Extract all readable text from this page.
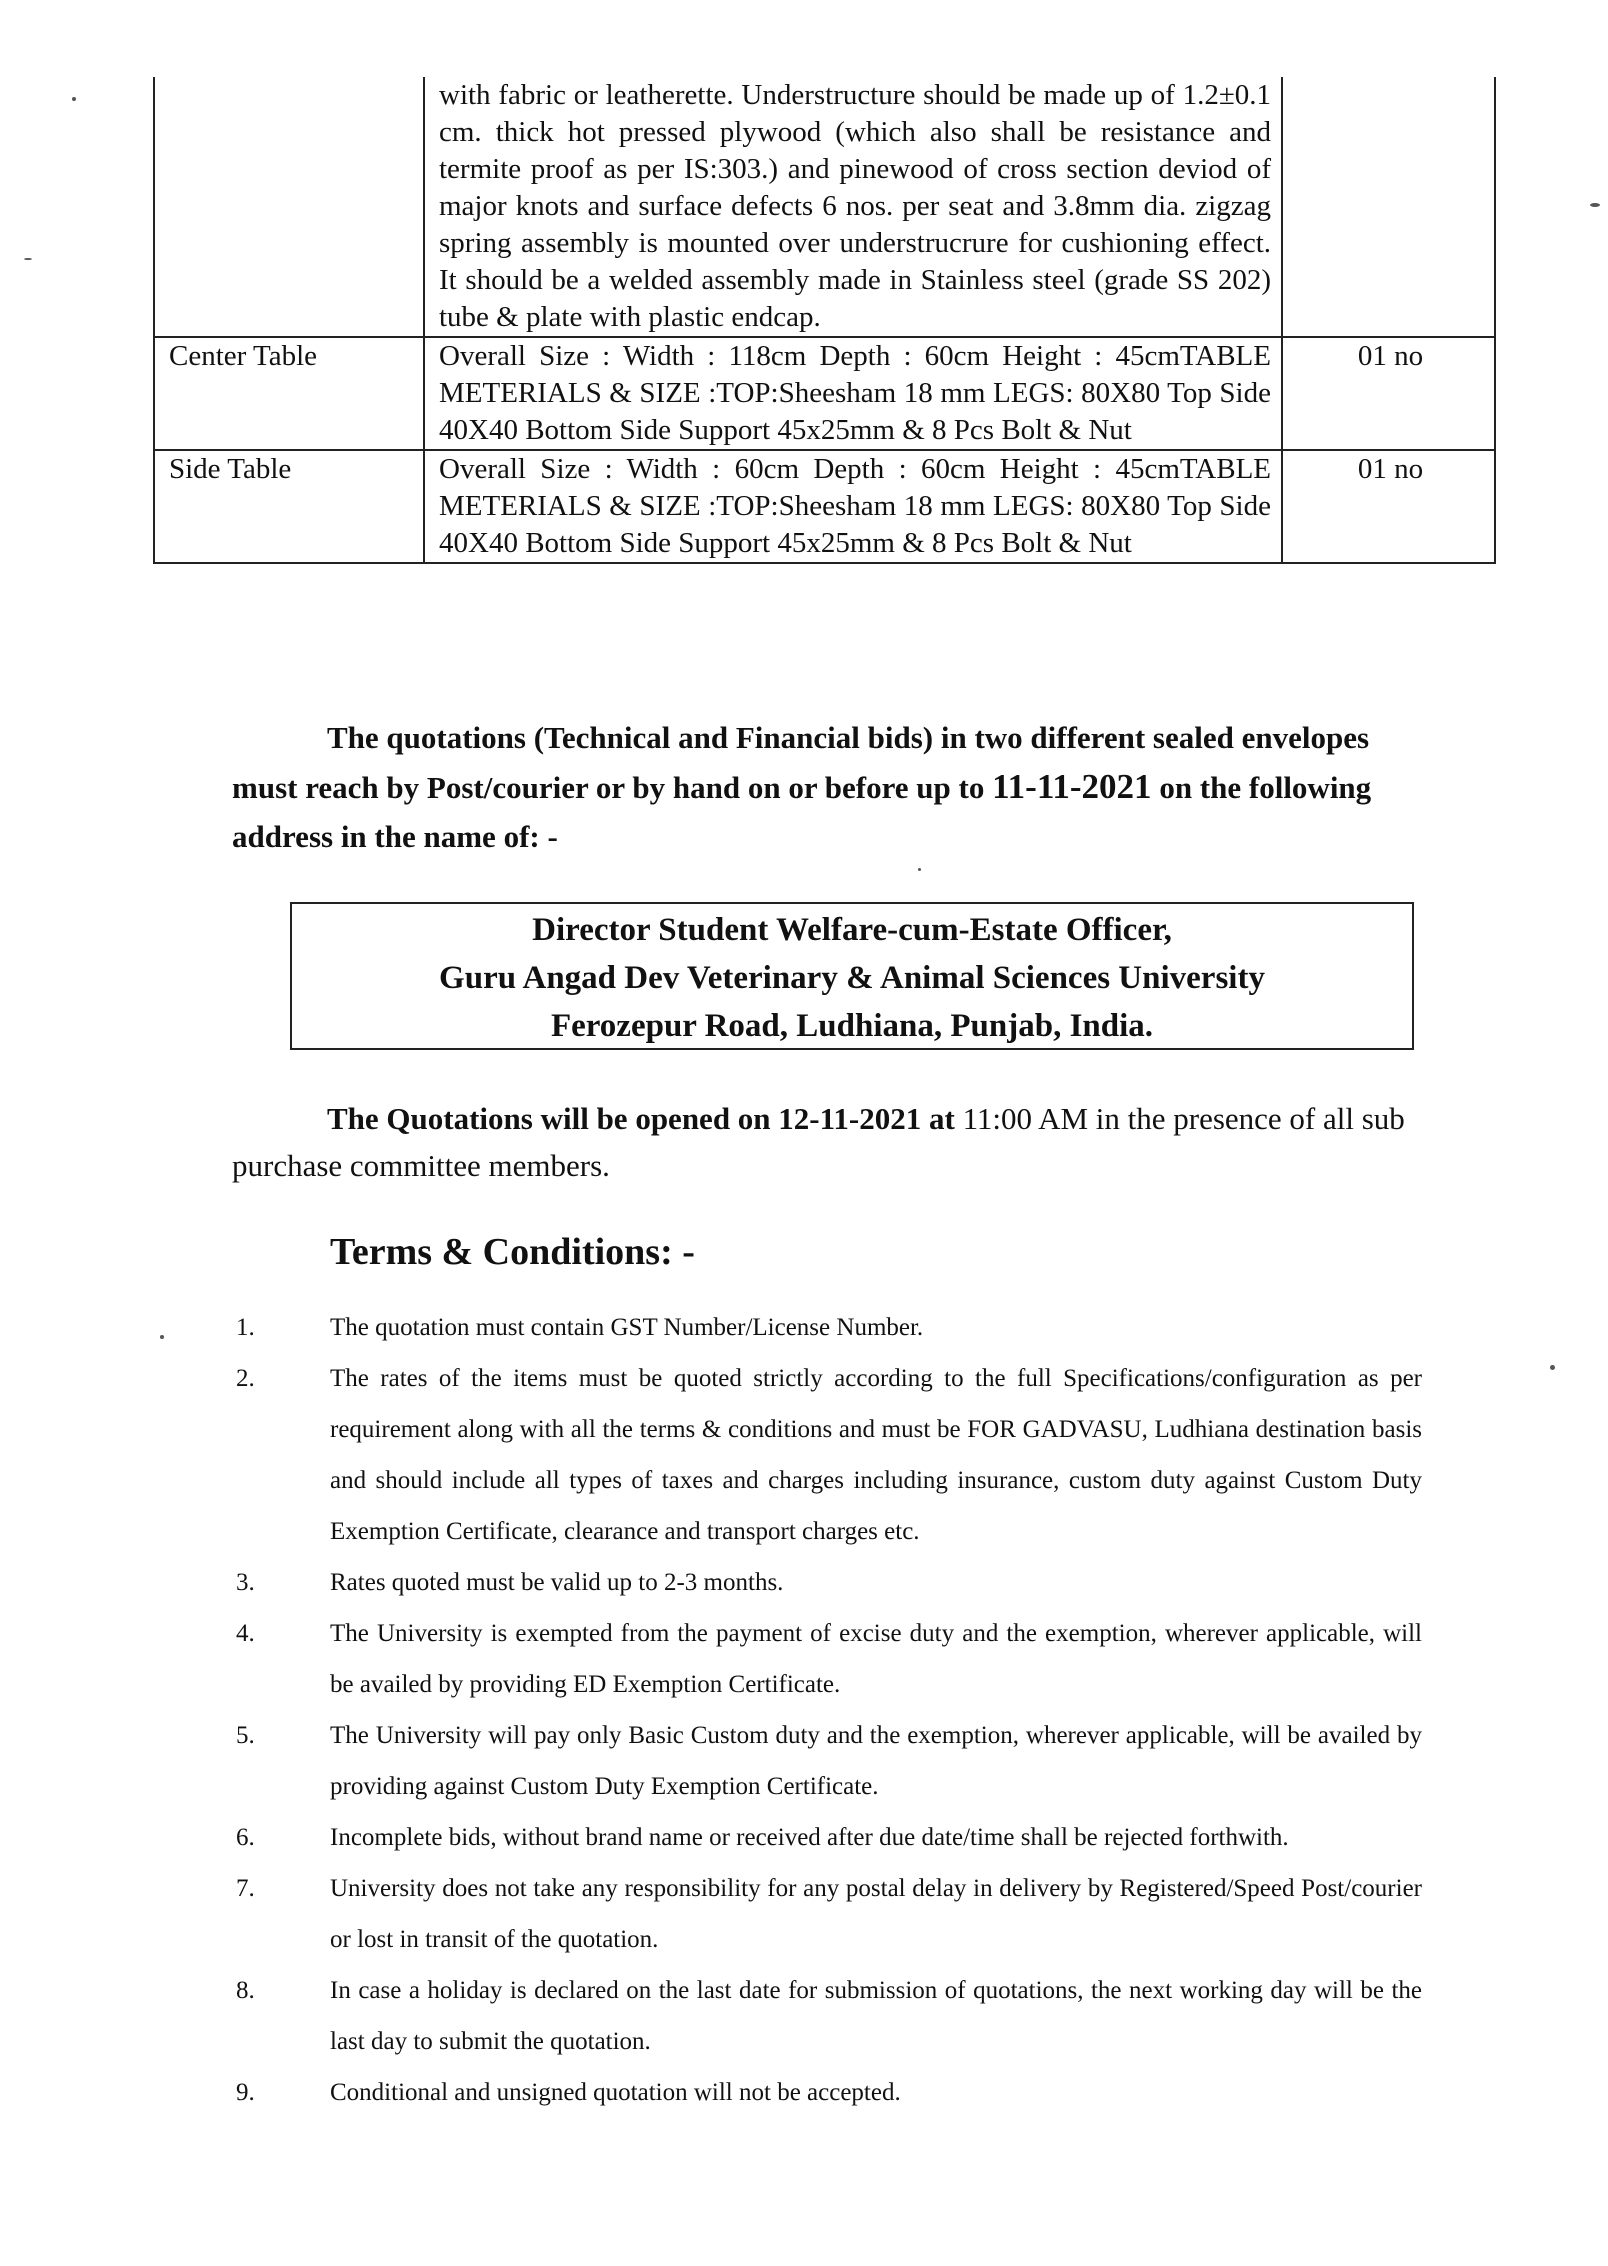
	with fabric or leatherette. Understructure should be made up of 1.2±0.1 cm. thick hot pressed plywood (which also shall be resistance and termite proof as per IS:303.) and pinewood of cross section deviod of major knots and surface defects 6 nos. per seat and 3.8mm dia. zigzag spring assembly is mounted over understrucrure for cushioning effect. It should be a welded assembly made in Stainless steel (grade SS 202) tube & plate with plastic endcap.	
Center Table	Overall Size : Width : 118cm Depth : 60cm Height : 45cmTABLE METERIALS & SIZE :TOP:Sheesham 18 mm LEGS: 80X80 Top Side 40X40 Bottom Side Support 45x25mm & 8 Pcs Bolt & Nut	01 no
Side Table	Overall Size : Width : 60cm Depth : 60cm Height : 45cmTABLE METERIALS & SIZE :TOP:Sheesham 18 mm LEGS: 80X80 Top Side 40X40 Bottom Side Support 45x25mm & 8 Pcs Bolt & Nut	01 no
The quotations (Technical and Financial bids) in two different sealed envelopes must reach by Post/courier or by hand on or before up to 11-11-2021 on the following address in the name of: -
Director Student Welfare-cum-Estate Officer,
Guru Angad Dev Veterinary & Animal Sciences University
Ferozepur Road, Ludhiana, Punjab, India.
The Quotations will be opened on 12-11-2021 at 11:00 AM in the presence of all sub purchase committee members.
Terms & Conditions: -
1.	The quotation must contain GST Number/License Number.
2.	The rates of the items must be quoted strictly according to the full Specifications/configuration as per requirement along with all the terms & conditions and must be FOR GADVASU, Ludhiana destination basis and should include all types of taxes and charges including insurance, custom duty against Custom Duty Exemption Certificate, clearance and transport charges etc.
3.	Rates quoted must be valid up to 2-3 months.
4.	The University is exempted from the payment of excise duty and the exemption, wherever applicable, will be availed by providing ED Exemption Certificate.
5.	The University will pay only Basic Custom duty and the exemption, wherever applicable, will be availed by providing against Custom Duty Exemption Certificate.
6.	Incomplete bids, without brand name or received after due date/time shall be rejected forthwith.
7.	University does not take any responsibility for any postal delay in delivery by Registered/Speed Post/courier or lost in transit of the quotation.
8.	In case a holiday is declared on the last date for submission of quotations, the next working day will be the last day to submit the quotation.
9.	Conditional and unsigned quotation will not be accepted.
